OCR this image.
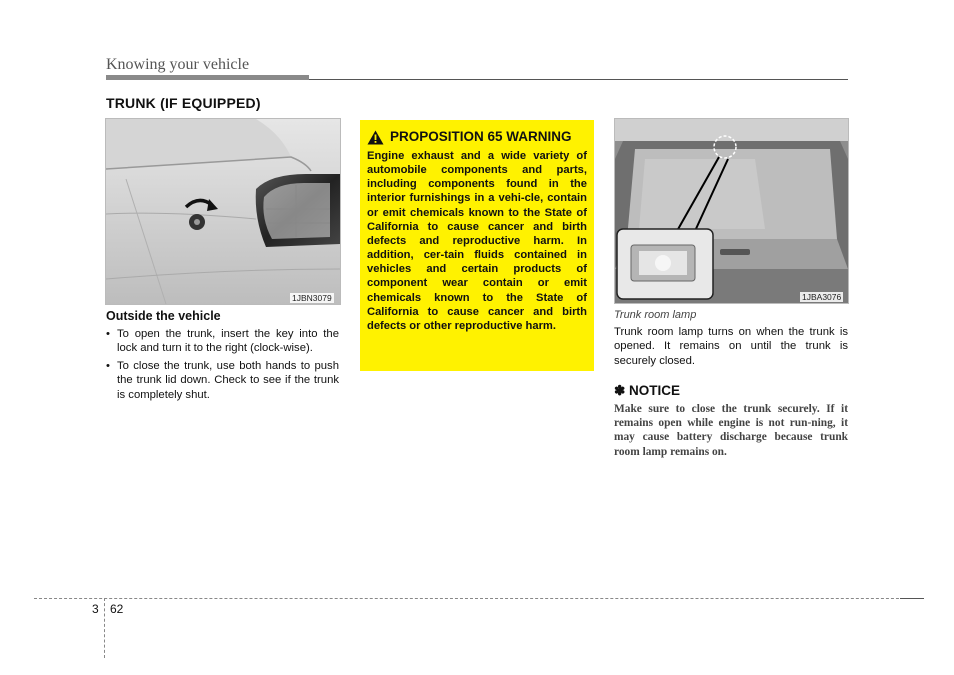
Knowing your vehicle
TRUNK (IF EQUIPPED)
1JBN3079
Outside the vehicle
• To open the trunk, insert the key into the lock and turn it to the right (clock-wise).
• To close the trunk, use both hands to push the trunk lid down. Check to see if the trunk is completely shut.
PROPOSITION 65 WARNING
Engine exhaust and a wide variety of automobile components and parts, including components found in the interior furnishings in a vehi-cle, contain or emit chemicals known to the State of California to cause cancer and birth defects and reproductive harm. In addition, cer-tain fluids contained in vehicles and certain products of component wear contain or emit chemicals known to the State of California to cause cancer and birth defects or other reproductive harm.
1JBA3076
Trunk room lamp
Trunk room lamp turns on when the trunk is opened. It remains on until the trunk is securely closed.
✽ NOTICE
Make sure to close the trunk securely. If it remains open while engine is not run-ning, it may cause battery discharge because trunk room lamp remains on.
3 62
